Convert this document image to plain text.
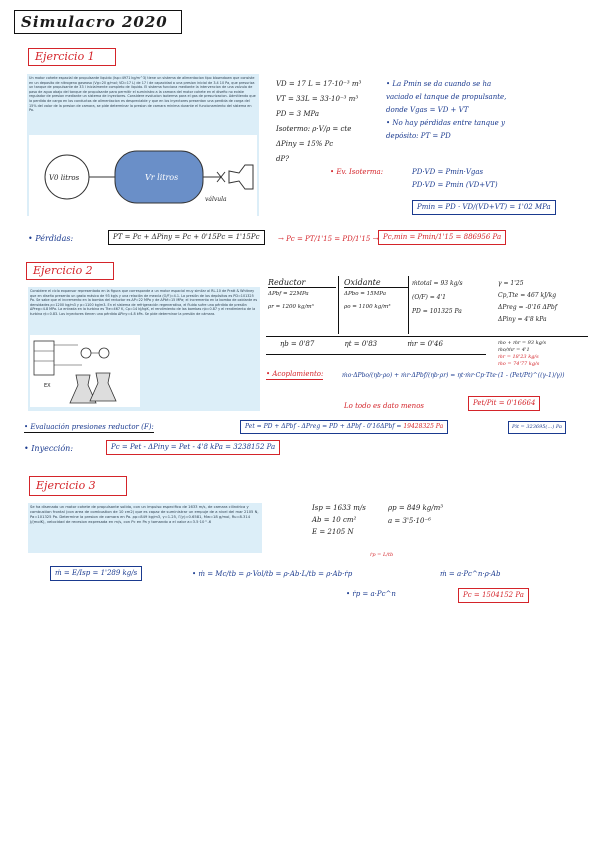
Simulacro 2020
Ejercicio 1
Un motor cohete espacial de propulsante liquido (Isp=4971 kg/m^3) tiene un sistema de alimentacion tipo blowndown que consiste en un deposito de nitrogeno gaseoso (Vg=20 g/mol; VD=17 L) de 17 l de capacidad a una presion inicial de 3.4 10 Pa, que presuriza un tanque de propulsante de 33 l inicialmente completo de liquido. El sistema funciona mediante la intervencion de una valvula de paso de agua abajo del tanque de propulsante para permitir el suministro a la camara del motor cohete en el disefio no existe regulador de presion mediante un sistema de inyectores. Considere evolucion isoterma para el gas de presurizacion. Admitiendo que la perdida de carga en los conductos de alimentacion es despreciable y que en los inyectores presentan una perdida de carga del 15% del valor de la presion de camara, se pide determinar la presion de camara minima durante el funcionamiento del sistema en Pa.
V0 litros	Vr litros
válvula
VD = 17 L = 17·10⁻³ m³
VT = 33L = 33·10⁻³ m³
PD = 3 MPa
Isotermo: ρ·V/ρ = cte
ΔPiny = 15% Pc
dP?
• La Pmin se da cuando se ha
vaciado el tanque de propulsante,
donde Vgas = VD + VT
• No hay pérdidas entre tanque y
depósito: PT = PD
• Ev. Isoterma:	PD·VD = Pmin·Vgas
PD·VD = Pmin (VD+VT)
Pmin = PD · VD/(VD+VT) = 1'02 MPa
• Pérdidas:	PT = Pc + ΔPiny = Pc + 0'15Pc = 1'15Pc	→ Pc = PT/1'15 = PD/1'15 → Pc,min = Pmin/1'15 = 886956 Pa
Ejercicio 2
Considere el ciclo expansor representado en la figura que corresponde a un motor espacial muy similar al RL-10 de Pratt & Whitney que en diseño presenta un gasto másico de 93 kg/s y una relación de mezcla (O/F)=4.1. La presión de los depósitos es PD=101325 Pa. Se sabe que el incremento en la bomba del reductor es ΔP=22 MPa y de ΔPbf=15 MPa; el incremento en la bomba de oxidante es densidades ρ=1200 kg/m3 y ρ=1100 kg/m3. En el sistema de refrigeración regenerativa, el fluido sufre una pérdida de presión ΔPreg=4.8 MPa. La entrada en la turbina es Tte=467 K, Cp=14 kJ/kgK, el rendimiento de las bombas ηb=0.87 y el rendimiento de la turbina ηt=0.83. Los inyectores tienen una pérdida ΔPiny=4.8 kPa. Se pide determinar la presión de cámara.
EX
Reductor
ΔPbf = 22MPa
ρr = 1200 kg/m³
Oxidante
ΔPbo = 15MPa
ρo = 1100 kg/m³
ṁtotal = 93 kg/s
(O/F) = 4'1
PD = 101325 Pa
γ = 1'25
Cp,Tte = 467 kJ/kg
ΔPreg = -0'16 ΔPbf
ΔPiny = 4'8 kPa
ηb = 0'87	ηt = 0'83	ṁr = 0'46	ṁo + ṁr = 93 kg/s
ṁo/ṁr = 4'1
ṁr = 18'23 kg/s
ṁo = 74'77 kg/s
• Acoplamiento:	ṁo·ΔPbo/(ηb·ρo) + ṁr·ΔPbf/(ηb·ρr) = ηt·ṁr·Cp·Tte·(1 - (Pet/Pt)^((γ-1)/γ))
Lo todo es dato menos	Pet/Pit = 0'16664
• Evaluación presiones reductor (F):	Pet = PD + ΔPbf - ΔPreg = PD + ΔPbf - 0'16ΔPbf = 19428325 Pa	Pit = 323695(…) Pa
• Inyección:	Pc = Pet - ΔPiny = Pet - 4'8 kPa = 3238152 Pa
Ejercicio 3
Se ha disenado un motor cohete de propulsante solido, con un impulso especifico de 1633 m/s, de camara cilindrica y combustion frontal (con area de combustion de 10 cm2) que es capaz de suministrar un empuje de a nivel del mar 2105 N, Pa=101325 Pa. Determine la presion de camara en Pa. ρp=849 kg/m3, γ=1.25, Γ(γ)=0.6581, Mw=18 g/mol, Ru=8.314 J/(molK), velocidad de recesion expresada en m/s, con Pc en Pa y tomando a el valor a=3.5·10^-6
Isp = 1633 m/s
Ab = 10 cm²
E = 2105 N
ρp = 849 kg/m³
a = 3'5·10⁻⁶
ṙp = L/tb
ṁ = E/Isp = 1'289 kg/s	• ṁ = Mc/tb = ρ·Vol/tb = ρ·Ab·L/tb = ρ·Ab·ṙp
• ṙp = a·Pc^n
ṁ = a·Pc^n·ρ·Ab
Pc = 1504152 Pa
